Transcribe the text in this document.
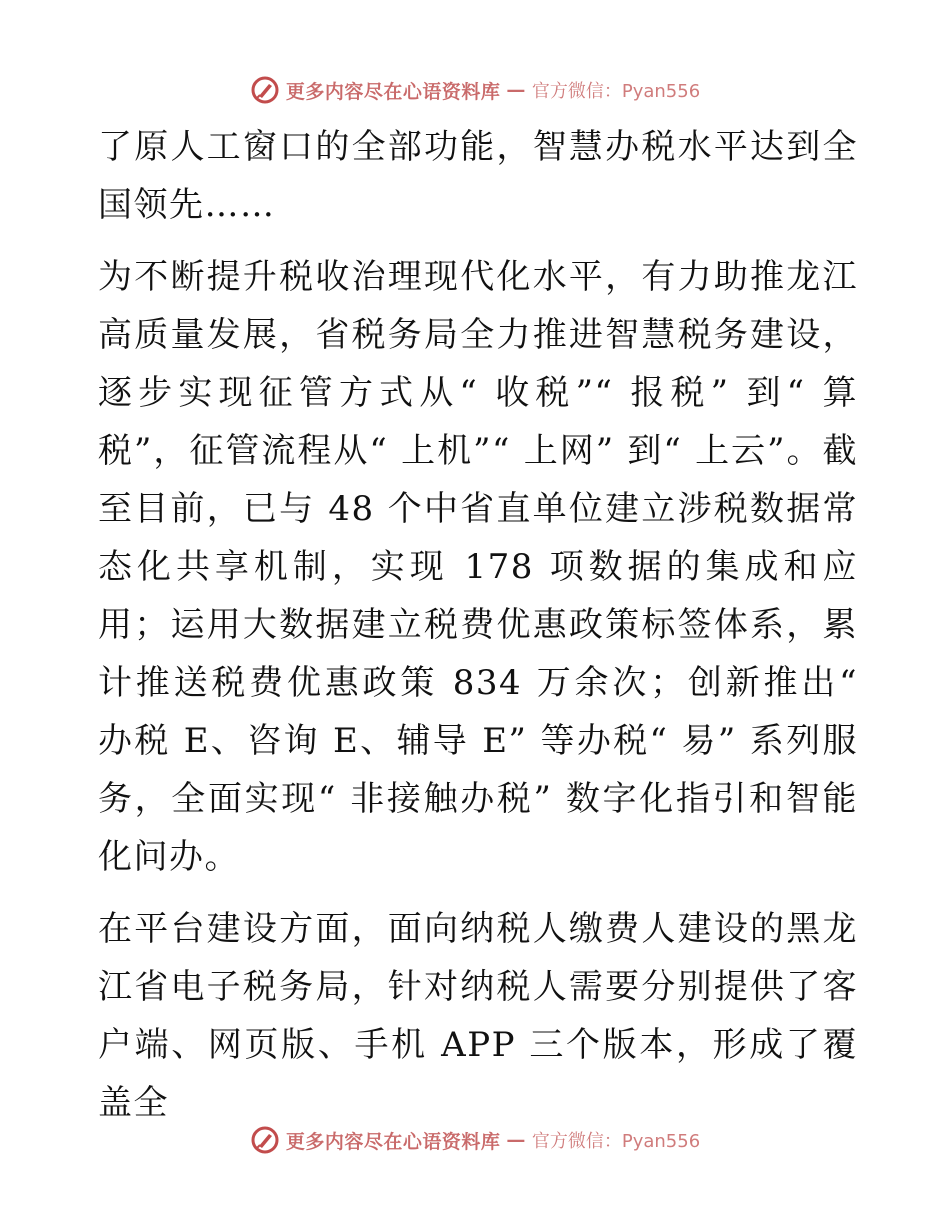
更多内容尽在心语资料库 — 官方微信：Pyan556

了原人工窗口的全部功能，智慧办税水平达到全国领先……

为不断提升税收治理现代化水平，有力助推龙江高质量发展，省税务局全力推进智慧税务建设，逐步实现征管方式从“ 收税”“ 报税” 到“ 算税”，征管流程从“ 上机”“ 上网” 到“ 上云”。截至目前，已与 48 个中省直单位建立涉税数据常态化共享机制，实现 178 项数据的集成和应用；运用大数据建立税费优惠政策标签体系，累计推送税费优惠政策 834 万余次；创新推出“ 办税 E、咨询 E、辅导 E” 等办税“ 易” 系列服务，全面实现“ 非接触办税” 数字化指引和智能化问办。

在平台建设方面，面向纳税人缴费人建设的黑龙江省电子税务局，针对纳税人需要分别提供了客户端、网页版、手机 APP 三个版本，形成了覆盖全

更多内容尽在心语资料库 — 官方微信：Pyan556
